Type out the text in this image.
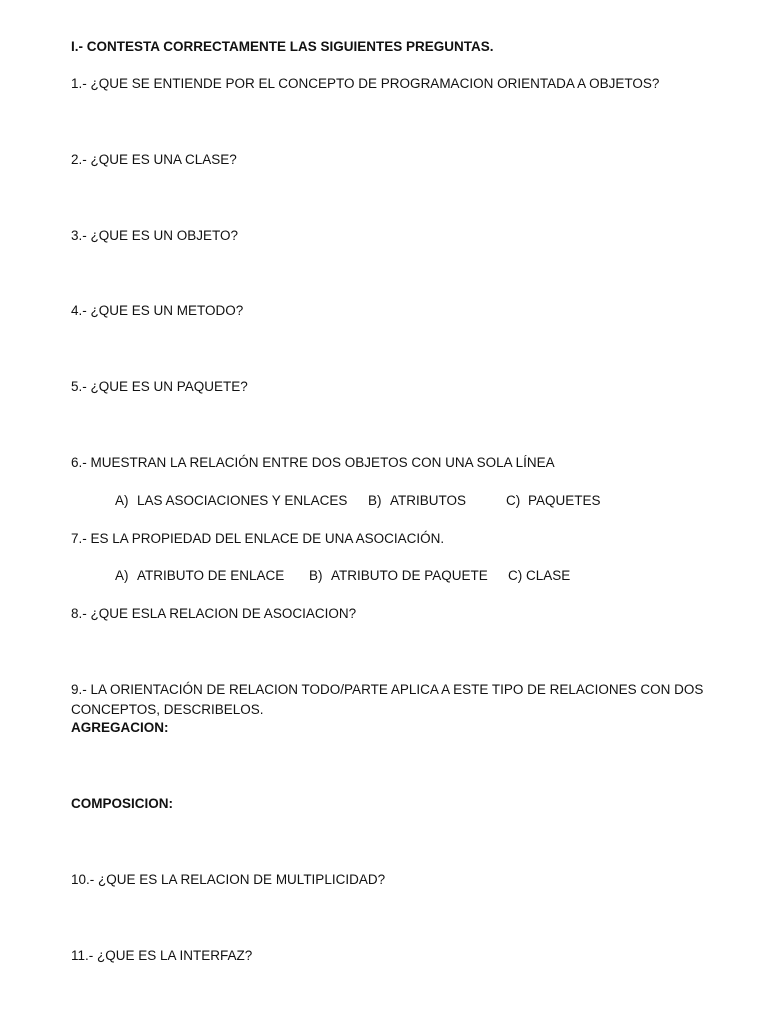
I.- CONTESTA CORRECTAMENTE LAS SIGUIENTES PREGUNTAS.
1.- ¿QUE SE ENTIENDE POR EL CONCEPTO DE PROGRAMACION ORIENTADA A OBJETOS?
2.- ¿QUE ES UNA CLASE?
3.- ¿QUE ES UN OBJETO?
4.- ¿QUE ES UN METODO?
5.- ¿QUE ES UN PAQUETE?
6.- MUESTRAN LA RELACIÓN ENTRE DOS OBJETOS CON UNA SOLA LÍNEA
A) LAS ASOCIACIONES Y ENLACES B) ATRIBUTOS	C) PAQUETES
7.- ES LA PROPIEDAD DEL ENLACE DE UNA ASOCIACIÓN.
A) ATRIBUTO DE ENLACE B) ATRIBUTO DE PAQUETE C) CLASE
8.- ¿QUE ESLA RELACION DE ASOCIACION?
9.- LA ORIENTACIÓN DE RELACION TODO/PARTE APLICA A ESTE TIPO DE RELACIONES CON DOS
CONCEPTOS, DESCRIBELOS.
AGREGACION:
COMPOSICION:
10.- ¿QUE ES LA RELACION DE MULTIPLICIDAD?
11.- ¿QUE ES LA INTERFAZ?
